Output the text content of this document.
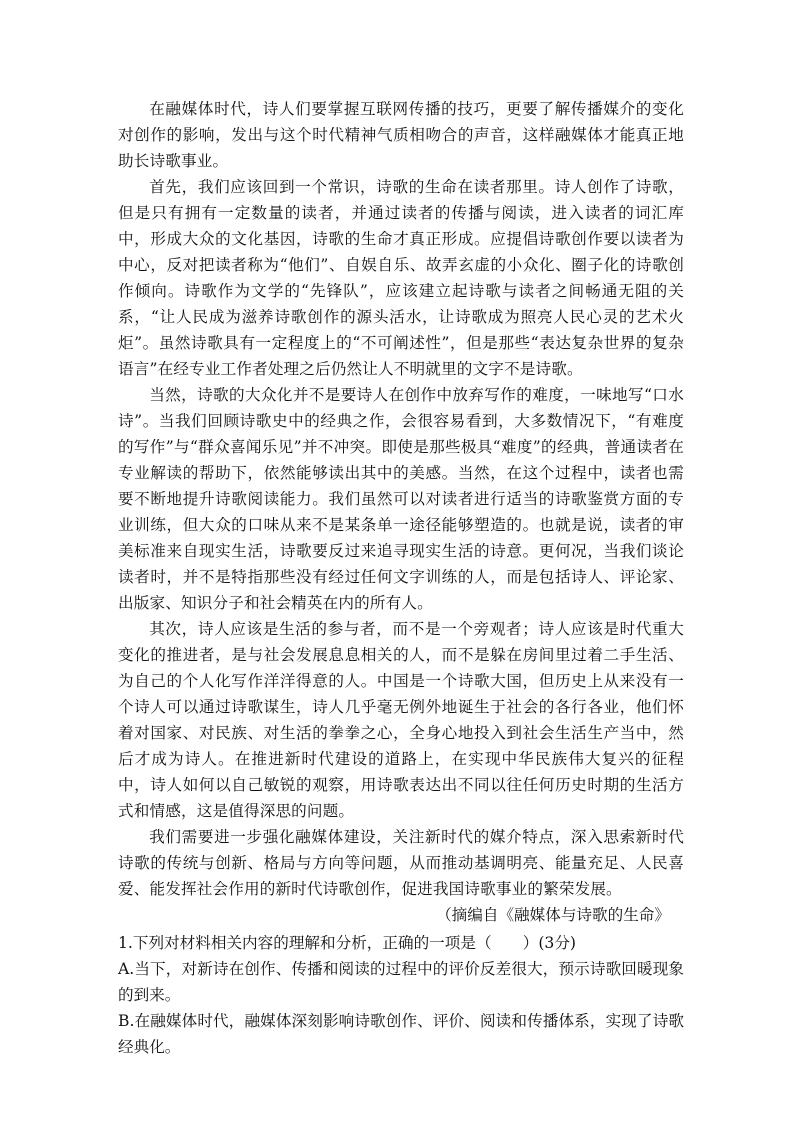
在融媒体时代，诗人们要掌握互联网传播的技巧，更要了解传播媒介的变化对创作的影响，发出与这个时代精神气质相吻合的声音，这样融媒体才能真正地助长诗歌事业。

首先，我们应该回到一个常识，诗歌的生命在读者那里。诗人创作了诗歌，但是只有拥有一定数量的读者，并通过读者的传播与阅读，进入读者的词汇库中，形成大众的文化基因，诗歌的生命才真正形成。应提倡诗歌创作要以读者为中心，反对把读者称为“他们”、自娱自乐、故弄玄虚的小众化、圈子化的诗歌创作倾向。诗歌作为文学的“先锋队”，应该建立起诗歌与读者之间畅通无阻的关系，“让人民成为滋养诗歌创作的源头活水，让诗歌成为照亮人民心灵的艺术火炬”。虽然诗歌具有一定程度上的“不可阐述性”，但是那些“表达复杂世界的复杂语言”在经专业工作者处理之后仍然让人不明就里的文字不是诗歌。

当然，诗歌的大众化并不是要诗人在创作中放弃写作的难度，一味地写“口水诗”。当我们回顾诗歌史中的经典之作，会很容易看到，大多数情况下，“有难度的写作”与“群众喜闻乐见”并不冲突。即使是那些极具“难度”的经典，普通读者在专业解读的帮助下，依然能够读出其中的美感。当然，在这个过程中，读者也需要不断地提升诗歌阅读能力。我们虽然可以对读者进行适当的诗歌鉴赏方面的专业训练，但大众的口味从来不是某条单一途径能够塑造的。也就是说，读者的审美标准来自现实生活，诗歌要反过来追寻现实生活的诗意。更何况，当我们谈论读者时，并不是特指那些没有经过任何文字训练的人，而是包括诗人、评论家、出版家、知识分子和社会精英在内的所有人。

其次，诗人应该是生活的参与者，而不是一个旁观者；诗人应该是时代重大变化的推进者，是与社会发展息息相关的人，而不是躲在房间里过着二手生活、为自己的个人化写作洋洋得意的人。中国是一个诗歌大国，但历史上从来没有一个诗人可以通过诗歌谋生，诗人几乎毫无例外地诞生于社会的各行各业，他们怀着对国家、对民族、对生活的拳拳之心，全身心地投入到社会生活生产当中，然后才成为诗人。在推进新时代建设的道路上，在实现中华民族伟大复兴的征程中，诗人如何以自己敏锐的观察，用诗歌表达出不同以往任何历史时期的生活方式和情感，这是值得深思的问题。

我们需要进一步强化融媒体建设，关注新时代的媒介特点，深入思索新时代诗歌的传统与创新、格局与方向等问题，从而推动基调明亮、能量充足、人民喜爱、能发挥社会作用的新时代诗歌创作，促进我国诗歌事业的繁荣发展。

（摘编自《融媒体与诗歌的生命》

1.下列对材料相关内容的理解和分析，正确的一项是（　　）(3分)

A.当下，对新诗在创作、传播和阅读的过程中的评价反差很大，预示诗歌回暖现象的到来。

B.在融媒体时代，融媒体深刻影响诗歌创作、评价、阅读和传播体系，实现了诗歌经典化。
